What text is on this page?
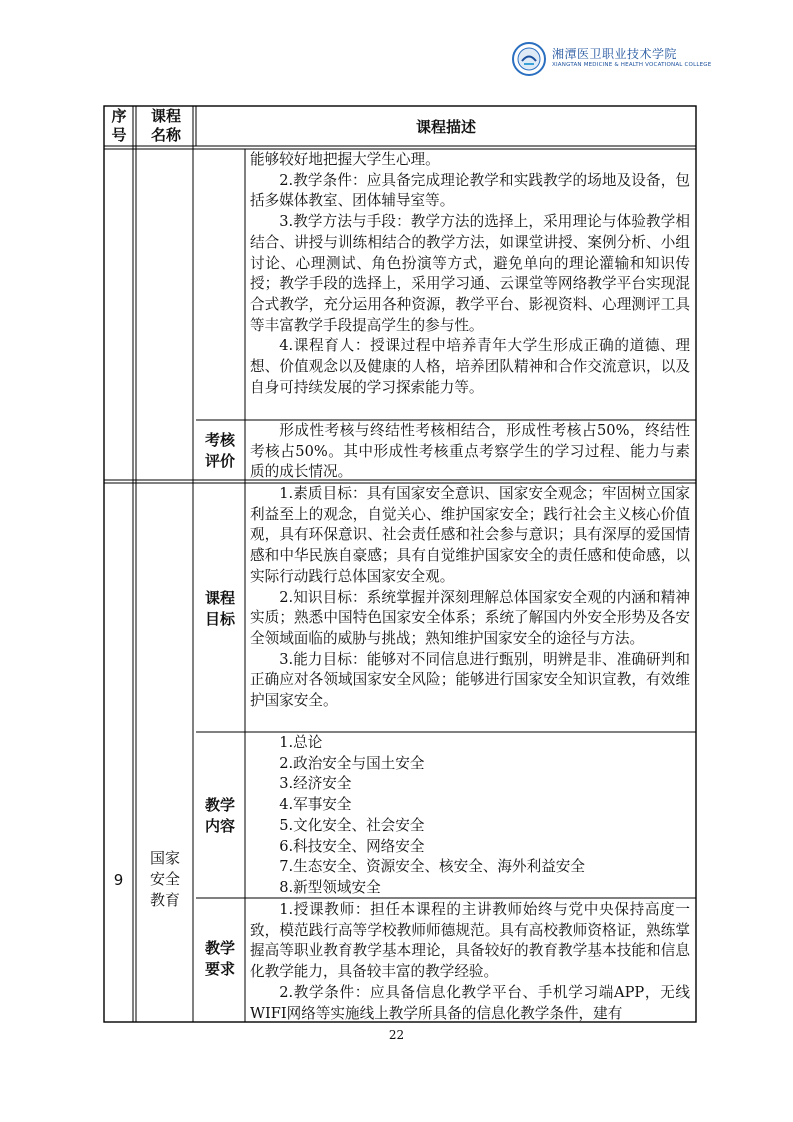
湘潭医卫职业技术学院
XIANGTAN MEDICINE & HEALTH VOCATIONAL COLLEGE
序号
课程名称	课程描述

能够较好地把握大学生心理。

2.教学条件：应具备完成理论教学和实践教学的场地及设备，包括多媒体教室、团体辅导室等。

3.教学方法与手段：教学方法的选择上，采用理论与体验教学相结合、讲授与训练相结合的教学方法，如课堂讲授、案例分析、小组讨论、心理测试、角色扮演等方式，避免单向的理论灌输和知识传授；教学手段的选择上，采用学习通、云课堂等网络教学平台实现混合式教学，充分运用各种资源，教学平台、影视资料、心理测评工具等丰富教学手段提高学生的参与性。

4.课程育人：授课过程中培养青年大学生形成正确的道德、理想、价值观念以及健康的人格，培养团队精神和合作交流意识，以及自身可持续发展的学习探索能力等。

考核评价

形成性考核与终结性考核相结合，形成性考核占50%，终结性考核占50%。其中形成性考核重点考察学生的学习过程、能力与素质的成长情况。

9
国家安全教育
课程目标

1.素质目标：具有国家安全意识、国家安全观念；牢固树立国家利益至上的观念，自觉关心、维护国家安全；践行社会主义核心价值观，具有环保意识、社会责任感和社会参与意识；具有深厚的爱国情感和中华民族自豪感；具有自觉维护国家安全的责任感和使命感，以实际行动践行总体国家安全观。

2.知识目标：系统掌握并深刻理解总体国家安全观的内涵和精神实质；熟悉中国特色国家安全体系；系统了解国内外安全形势及各安全领域面临的威胁与挑战；熟知维护国家安全的途径与方法。

3.能力目标：能够对不同信息进行甄别，明辨是非、准确研判和正确应对各领域国家安全风险；能够进行国家安全知识宣教，有效维护国家安全。

教学内容

1.总论

2.政治安全与国土安全

3.经济安全

4.军事安全

5.文化安全、社会安全

6.科技安全、网络安全

7.生态安全、资源安全、核安全、海外利益安全

8.新型领域安全

教学要求

1.授课教师：担任本课程的主讲教师始终与党中央保持高度一致，模范践行高等学校教师师德规范。具有高校教师资格证，熟练掌握高等职业教育教学基本理论，具备较好的教育教学基本技能和信息化教学能力，具备较丰富的教学经验。

2.教学条件：应具备信息化教学平台、手机学习端APP，无线WIFI网络等实施线上教学所具备的信息化教学条件，建有

22
